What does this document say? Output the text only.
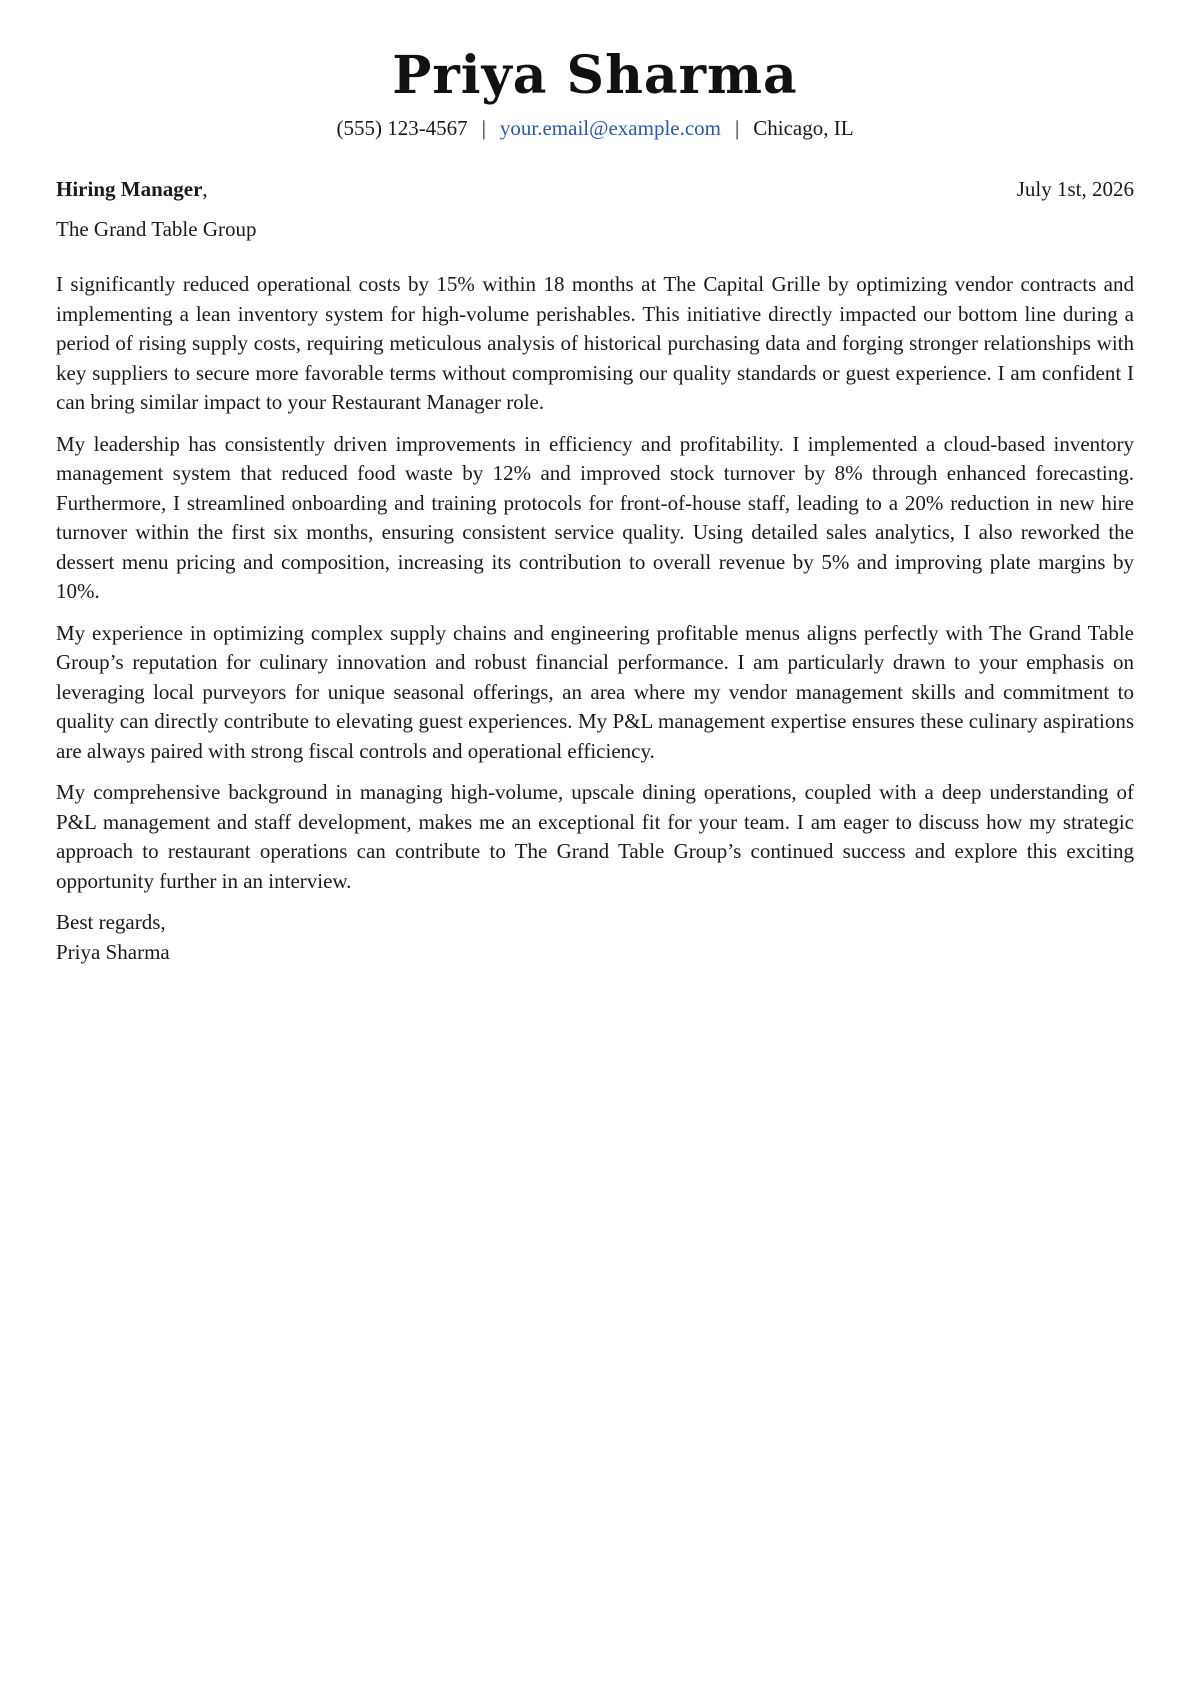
Priya Sharma
(555) 123-4567 | your.email@example.com | Chicago, IL
Hiring Manager,	July 1st, 2026
The Grand Table Group

I significantly reduced operational costs by 15% within 18 months at The Capital Grille by optimizing vendor contracts and implementing a lean inventory system for high-volume perishables. This initiative directly impacted our bottom line during a period of rising supply costs, requiring meticulous analysis of historical purchasing data and forging stronger relationships with key suppliers to secure more favorable terms without compromising our quality standards or guest experience. I am confident I can bring similar impact to your Restaurant Manager role.

My leadership has consistently driven improvements in efficiency and profitability. I implemented a cloud-based inventory management system that reduced food waste by 12% and improved stock turnover by 8% through enhanced forecasting. Furthermore, I streamlined onboarding and training protocols for front-of-house staff, leading to a 20% reduction in new hire turnover within the first six months, ensuring consistent service quality. Using detailed sales analytics, I also reworked the dessert menu pricing and composition, increasing its contribution to overall revenue by 5% and improving plate margins by 10%.

My experience in optimizing complex supply chains and engineering profitable menus aligns perfectly with The Grand Table Group’s reputation for culinary innovation and robust financial performance. I am particularly drawn to your emphasis on leveraging local purveyors for unique seasonal offerings, an area where my vendor management skills and commitment to quality can directly contribute to elevating guest experiences. My P&L management expertise ensures these culinary aspirations are always paired with strong fiscal controls and operational efficiency.

My comprehensive background in managing high-volume, upscale dining operations, coupled with a deep understanding of P&L management and staff development, makes me an exceptional fit for your team. I am eager to discuss how my strategic approach to restaurant operations can contribute to The Grand Table Group’s continued success and explore this exciting opportunity further in an interview.

Best regards,
Priya Sharma
